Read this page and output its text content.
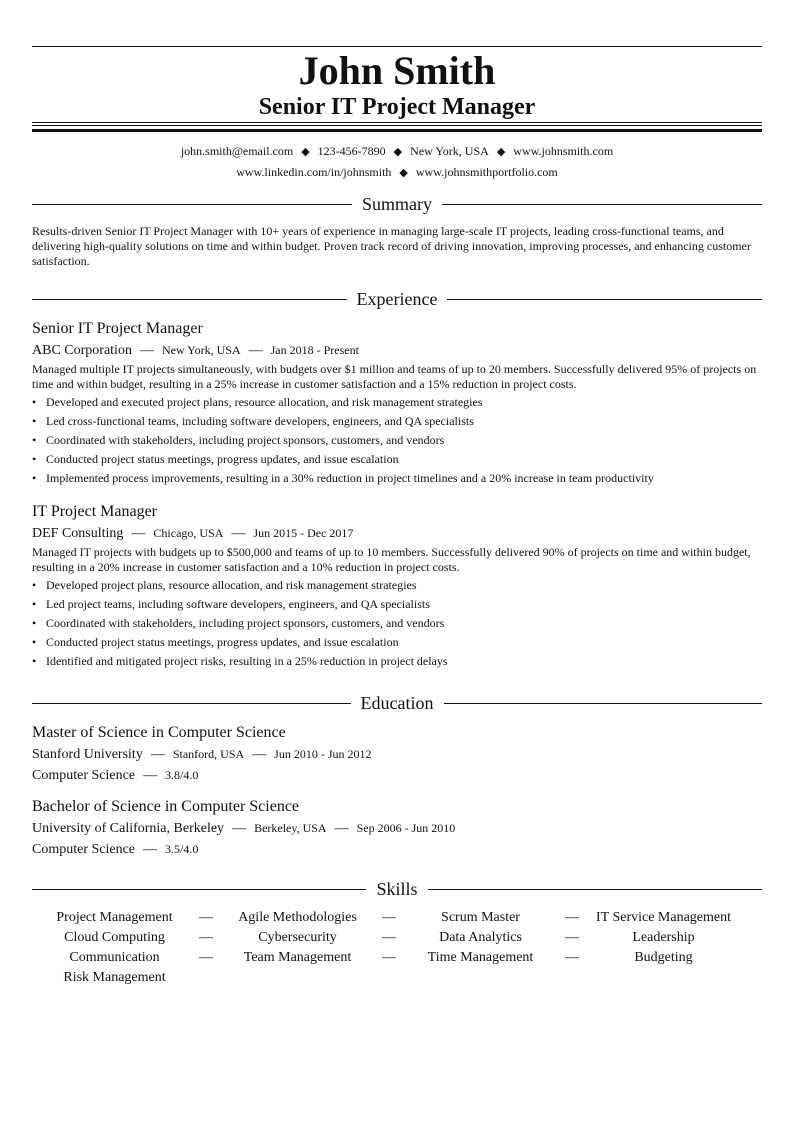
John Smith
Senior IT Project Manager
john.smith@email.com ◆ 123-456-7890 ◆ New York, USA ◆ www.johnsmith.com
www.linkedin.com/in/johnsmith ◆ www.johnsmithportfolio.com
Summary
Results-driven Senior IT Project Manager with 10+ years of experience in managing large-scale IT projects, leading cross-functional teams, and delivering high-quality solutions on time and within budget. Proven track record of driving innovation, improving processes, and enhancing customer satisfaction.
Experience
Senior IT Project Manager
ABC Corporation — New York, USA — Jan 2018 - Present
Managed multiple IT projects simultaneously, with budgets over $1 million and teams of up to 20 members. Successfully delivered 95% of projects on time and within budget, resulting in a 25% increase in customer satisfaction and a 15% reduction in project costs.
• Developed and executed project plans, resource allocation, and risk management strategies
• Led cross-functional teams, including software developers, engineers, and QA specialists
• Coordinated with stakeholders, including project sponsors, customers, and vendors
• Conducted project status meetings, progress updates, and issue escalation
• Implemented process improvements, resulting in a 30% reduction in project timelines and a 20% increase in team productivity
IT Project Manager
DEF Consulting — Chicago, USA — Jun 2015 - Dec 2017
Managed IT projects with budgets up to $500,000 and teams of up to 10 members. Successfully delivered 90% of projects on time and within budget, resulting in a 20% increase in customer satisfaction and a 10% reduction in project costs.
• Developed project plans, resource allocation, and risk management strategies
• Led project teams, including software developers, engineers, and QA specialists
• Coordinated with stakeholders, including project sponsors, customers, and vendors
• Conducted project status meetings, progress updates, and issue escalation
• Identified and mitigated project risks, resulting in a 25% reduction in project delays
Education
Master of Science in Computer Science
Stanford University — Stanford, USA — Jun 2010 - Jun 2012
Computer Science — 3.8/4.0
Bachelor of Science in Computer Science
University of California, Berkeley — Berkeley, USA — Sep 2006 - Jun 2010
Computer Science — 3.5/4.0
Skills
Project Management	—	Agile Methodologies	—	Scrum Master	—	IT Service Management
Cloud Computing	—	Cybersecurity	—	Data Analytics	—	Leadership
Communication	—	Team Management	—	Time Management	—	Budgeting
Risk Management
